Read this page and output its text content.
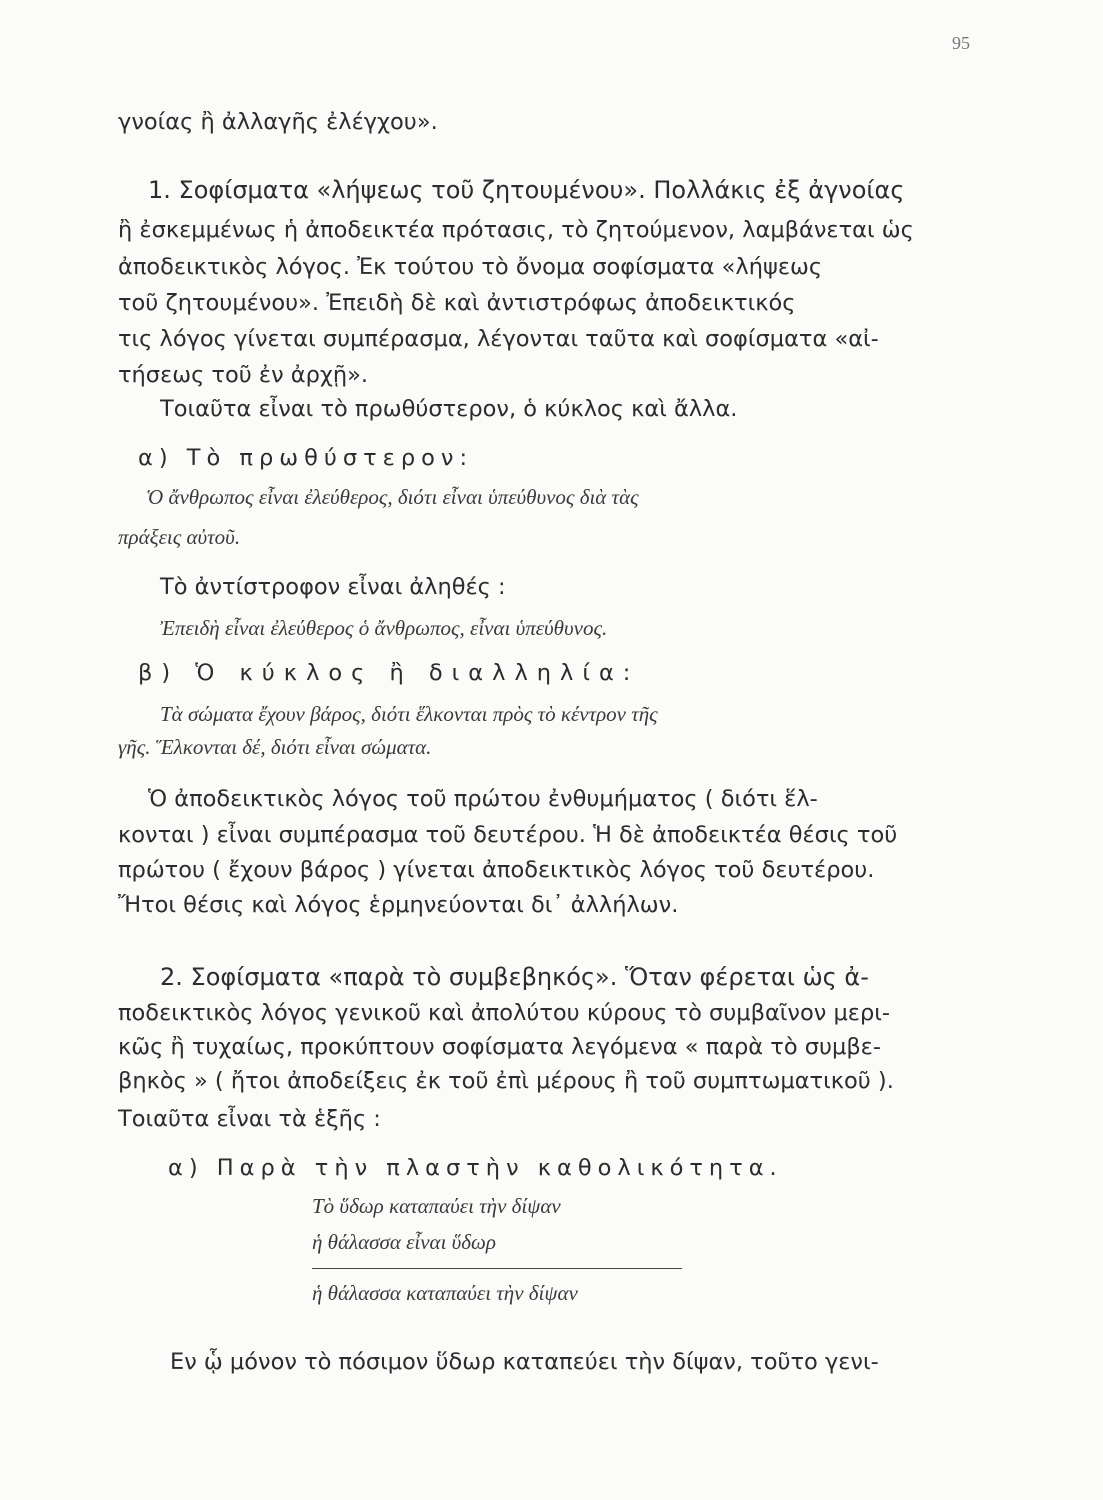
95
γνοίας ἢ ἀλλαγῆς ἐλέγχου».
1. Σοφίσματα «λήψεως τοῦ ζητουμένου». Πολλάκις ἐξ ἀγνοίας
ἢ ἐσκεμμένως ἡ ἀποδεικτέα πρότασις, τὸ ζητούμενον, λαμβάνεται ὡς
ἀποδεικτικὸς λόγος. Ἐκ τούτου τὸ ὄνομα σοφίσματα «λήψεως
τοῦ ζητουμένου». Ἐπειδὴ δὲ καὶ ἀντιστρόφως ἀποδεικτικός
τις λόγος γίνεται συμπέρασμα, λέγονται ταῦτα καὶ σοφίσματα «αἰ-
τήσεως τοῦ ἐν ἀρχῇ».
Τοιαῦτα εἶναι τὸ πρωθύστερον, ὁ κύκλος καὶ ἄλλα.
α) Τὸ πρωθύστερον:
Ὁ ἄνθρωπος εἶναι ἐλεύθερος, διότι εἶναι ὑπεύθυνος διὰ τὰς
πράξεις αὐτοῦ.
Τὸ ἀντίστροφον εἶναι ἀληθές :
Ἐπειδὴ εἶναι ἐλεύθερος ὁ ἄνθρωπος, εἶναι ὑπεύθυνος.
β) Ὁ κύκλος ἢ διαλληλία:
Τὰ σώματα ἔχουν βάρος, διότι ἕλκονται πρὸς τὸ κέντρον τῆς
γῆς. Ἕλκονται δέ, διότι εἶναι σώματα.
Ὁ ἀποδεικτικὸς λόγος τοῦ πρώτου ἐνθυμήματος ( διότι ἕλ-
κονται ) εἶναι συμπέρασμα τοῦ δευτέρου. Ἡ δὲ ἀποδεικτέα θέσις τοῦ
πρώτου ( ἔχουν βάρος ) γίνεται ἀποδεικτικὸς λόγος τοῦ δευτέρου.
Ἤτοι θέσις καὶ λόγος ἑρμηνεύονται δι᾽ ἀλλήλων.
2. Σοφίσματα «παρὰ τὸ συμβεβηκός». Ὅταν φέρεται ὡς ἀ-
ποδεικτικὸς λόγος γενικοῦ καὶ ἀπολύτου κύρους τὸ συμβαῖνον μερι-
κῶς ἢ τυχαίως, προκύπτουν σοφίσματα λεγόμενα « παρὰ τὸ συμβε-
βηκὸς » ( ἤτοι ἀποδείξεις ἐκ τοῦ ἐπὶ μέρους ἢ τοῦ συμπτωματικοῦ ).
Τοιαῦτα εἶναι τὰ ἑξῆς :
α) Παρὰ τὴν πλαστὴν καθολικότητα.
Τὸ ὕδωρ καταπαύει τὴν δίψαν
ἡ θάλασσα εἶναι ὕδωρ
ἡ θάλασσα καταπαύει τὴν δίψαν
Εν ᾧ μόνον τὸ πόσιμον ὕδωρ καταπεύει τὴν δίψαν, τοῦτο γενι-
